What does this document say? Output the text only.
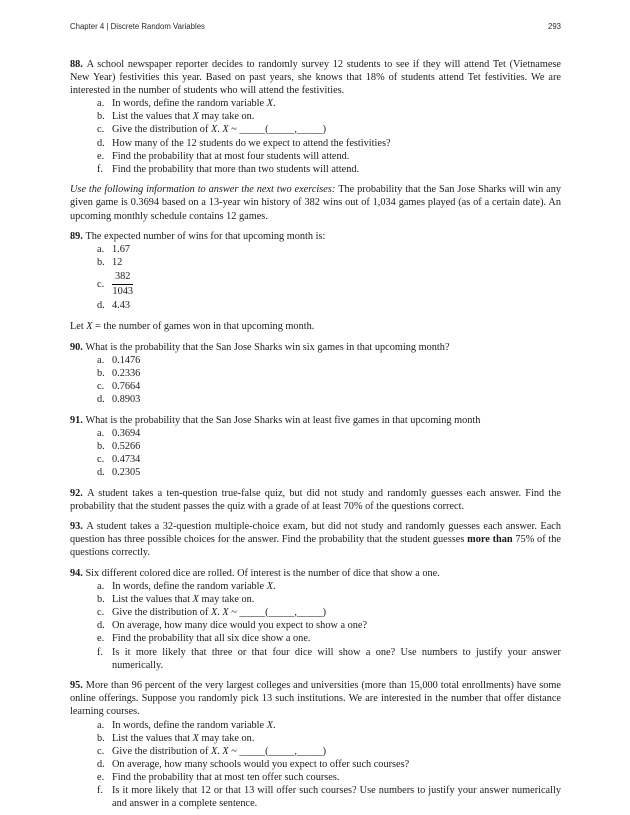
Chapter 4 | Discrete Random Variables	293

88. A school newspaper reporter decides to randomly survey 12 students to see if they will attend Tet (Vietnamese New Year) festivities this year. Based on past years, she knows that 18% of students attend Tet festivities. We are interested in the number of students who will attend the festivities.

a. In words, define the random variable X.
b. List the values that X may take on.
c. Give the distribution of X. X ~ _____(_____,_____)
d. How many of the 12 students do we expect to attend the festivities?
e. Find the probability that at most four students will attend.
f. Find the probability that more than two students will attend.

Use the following information to answer the next two exercises: The probability that the San Jose Sharks will win any given game is 0.3694 based on a 13-year win history of 382 wins out of 1,034 games played (as of a certain date). An upcoming monthly schedule contains 12 games.

89. The expected number of wins for that upcoming month is:

a. 1.67
b. 12
c. $\frac{382}{1043}$
d. 4.43

Let X = the number of games won in that upcoming month.

90. What is the probability that the San Jose Sharks win six games in that upcoming month?

a. 0.1476
b. 0.2336
c. 0.7664
d. 0.8903

91. What is the probability that the San Jose Sharks win at least five games in that upcoming month

a. 0.3694
b. 0.5266
c. 0.4734
d. 0.2305

92. A student takes a ten-question true-false quiz, but did not study and randomly guesses each answer. Find the probability that the student passes the quiz with a grade of at least 70% of the questions correct.

93. A student takes a 32-question multiple-choice exam, but did not study and randomly guesses each answer. Each question has three possible choices for the answer. Find the probability that the student guesses more than 75% of the questions correctly.

94. Six different colored dice are rolled. Of interest is the number of dice that show a one.

a. In words, define the random variable X.
b. List the values that X may take on.
c. Give the distribution of X. X ~ _____(_____,_____)
d. On average, how many dice would you expect to show a one?
e. Find the probability that all six dice show a one.
f. Is it more likely that three or that four dice will show a one? Use numbers to justify your answer numerically.

95. More than 96 percent of the very largest colleges and universities (more than 15,000 total enrollments) have some online offerings. Suppose you randomly pick 13 such institutions. We are interested in the number that offer distance learning courses.

a. In words, define the random variable X.
b. List the values that X may take on.
c. Give the distribution of X. X ~ _____(_____,_____)
d. On average, how many schools would you expect to offer such courses?
e. Find the probability that at most ten offer such courses.
f. Is it more likely that 12 or that 13 will offer such courses? Use numbers to justify your answer numerically and answer in a complete sentence.
